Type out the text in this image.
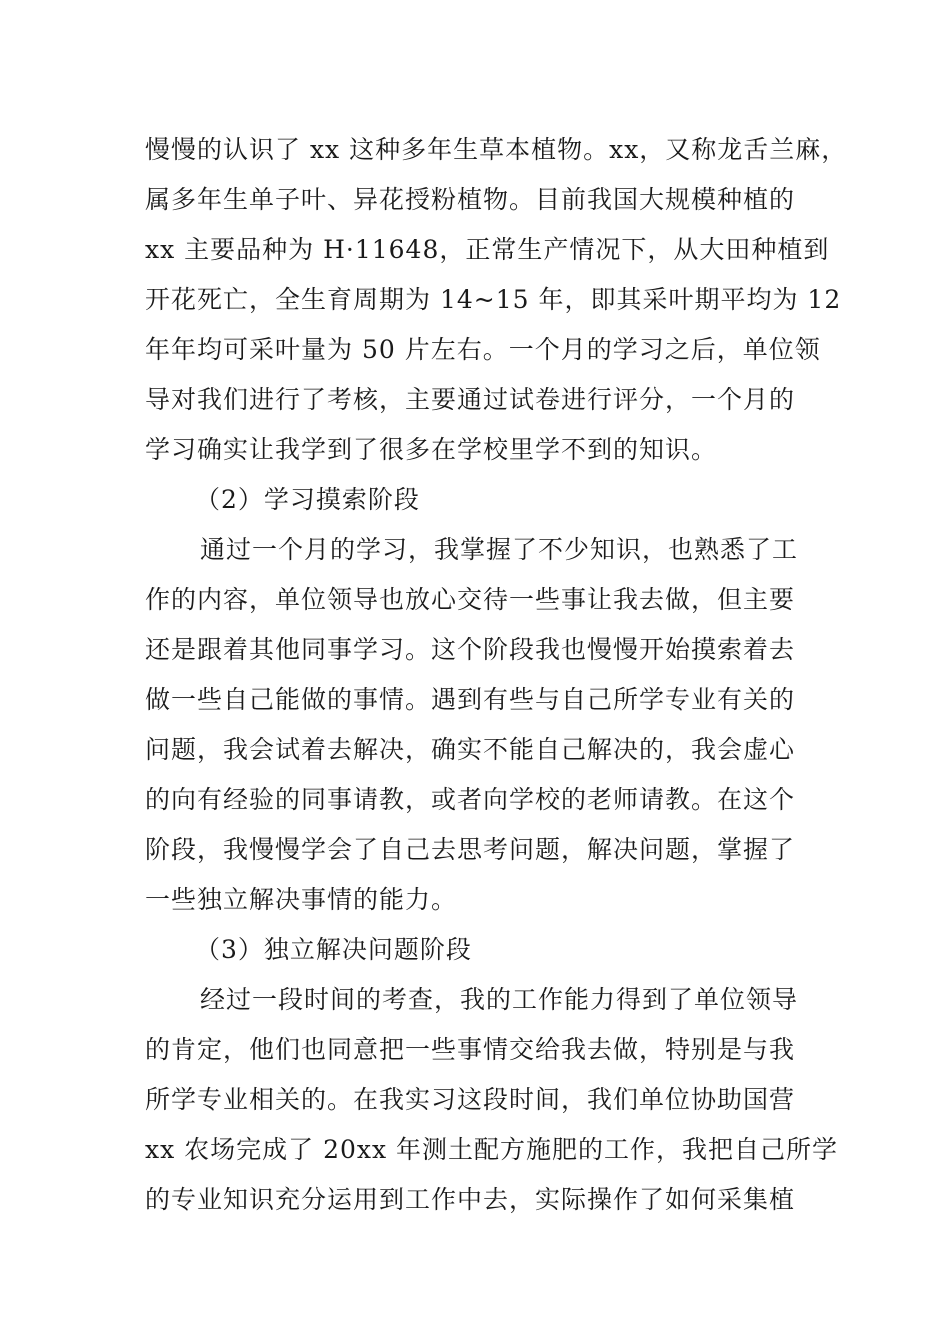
慢慢的认识了 xx 这种多年生草本植物。xx，又称龙舌兰麻，
属多年生单子叶、异花授粉植物。目前我国大规模种植的
xx 主要品种为 H·11648，正常生产情况下，从大田种植到
开花死亡，全生育周期为 14~15 年，即其采叶期平均为 12
年年均可采叶量为 50 片左右。一个月的学习之后，单位领
导对我们进行了考核，主要通过试卷进行评分，一个月的
学习确实让我学到了很多在学校里学不到的知识。
（2）学习摸索阶段
通过一个月的学习，我掌握了不少知识，也熟悉了工
作的内容，单位领导也放心交待一些事让我去做，但主要
还是跟着其他同事学习。这个阶段我也慢慢开始摸索着去
做一些自己能做的事情。遇到有些与自己所学专业有关的
问题，我会试着去解决，确实不能自己解决的，我会虚心
的向有经验的同事请教，或者向学校的老师请教。在这个
阶段，我慢慢学会了自己去思考问题，解决问题，掌握了
一些独立解决事情的能力。
（3）独立解决问题阶段
经过一段时间的考查，我的工作能力得到了单位领导
的肯定，他们也同意把一些事情交给我去做，特别是与我
所学专业相关的。在我实习这段时间，我们单位协助国营
xx 农场完成了 20xx 年测土配方施肥的工作，我把自己所学
的专业知识充分运用到工作中去，实际操作了如何采集植
